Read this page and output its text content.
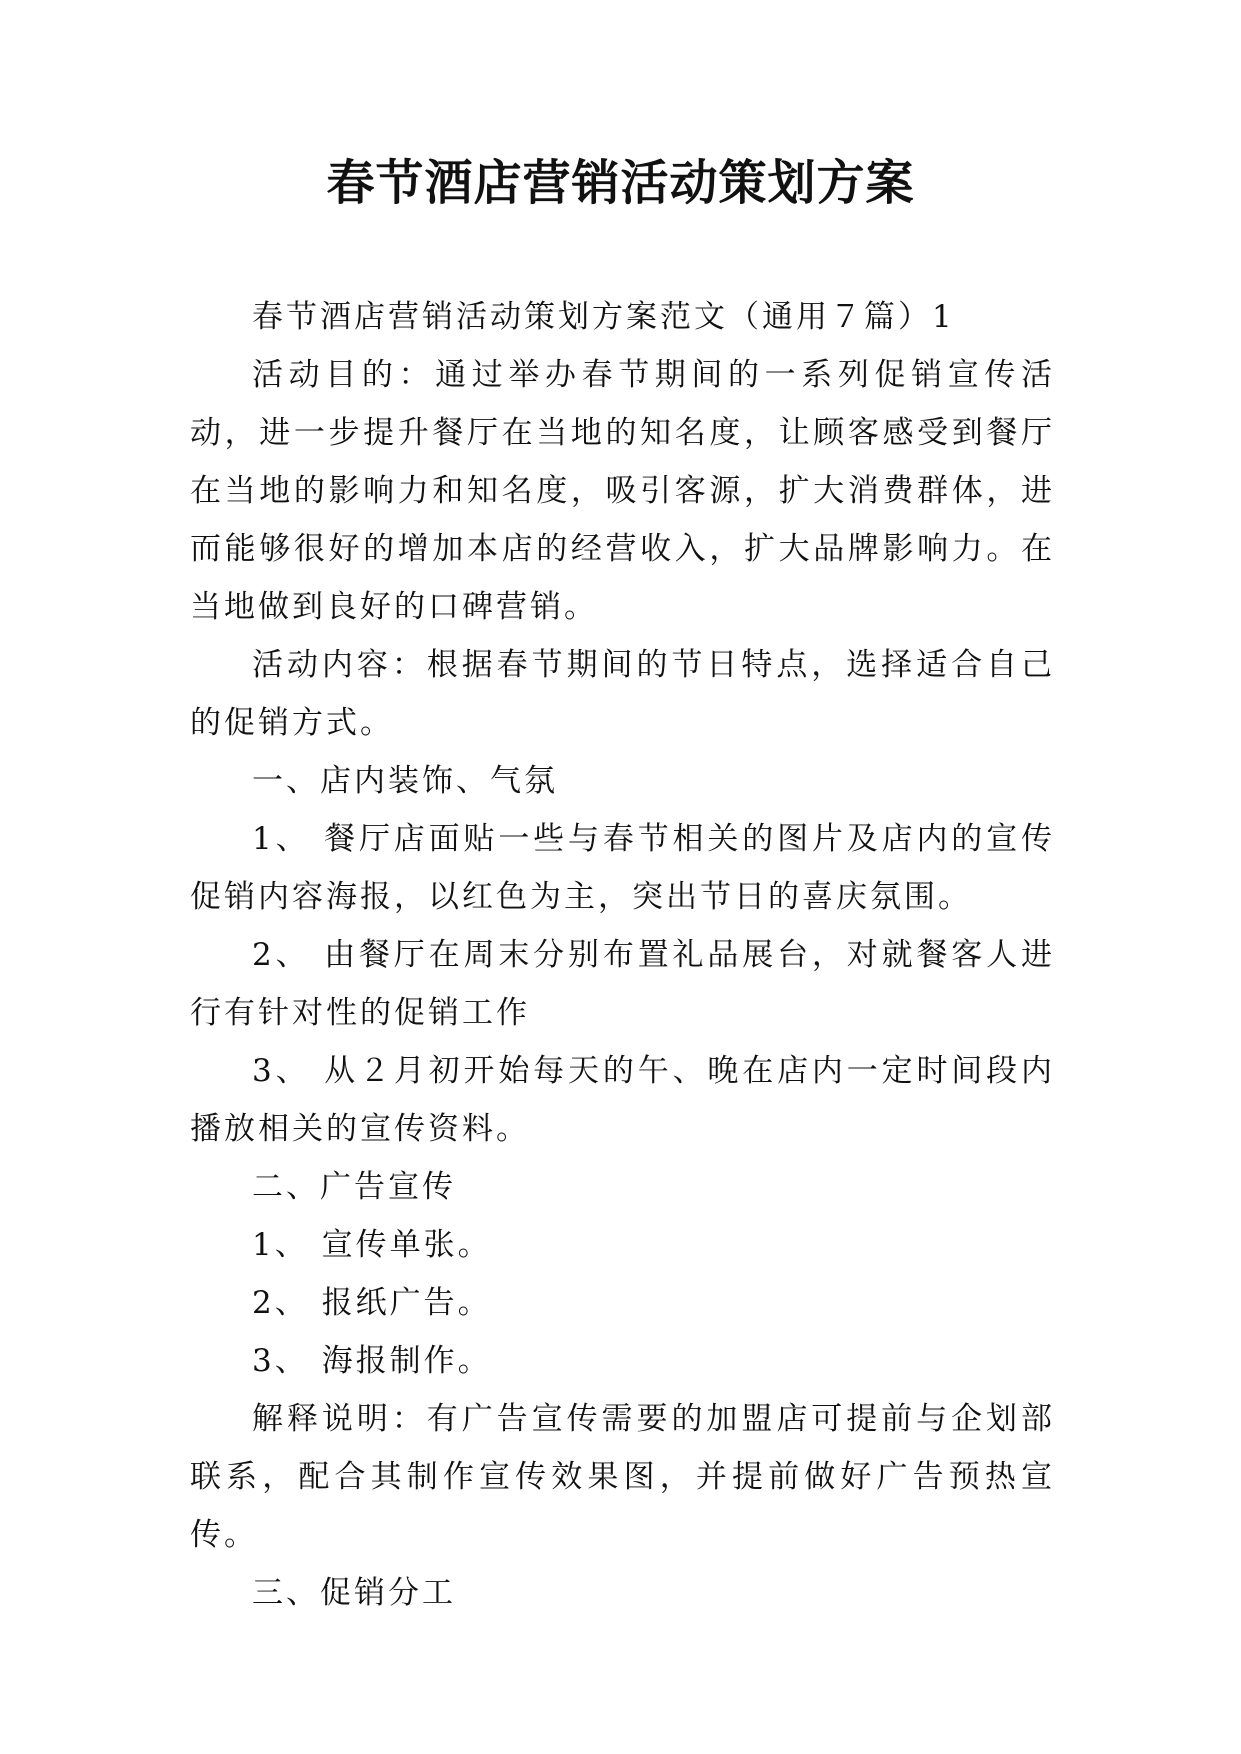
春节酒店营销活动策划方案

春节酒店营销活动策划方案范文（通用７篇）1

活动目的：通过举办春节期间的一系列促销宣传活动，进一步提升餐厅在当地的知名度，让顾客感受到餐厅在当地的影响力和知名度，吸引客源，扩大消费群体，进而能够很好的增加本店的经营收入，扩大品牌影响力。在当地做到良好的口碑营销。

活动内容：根据春节期间的节日特点，选择适合自己的促销方式。

一、店内装饰、气氛

1、 餐厅店面贴一些与春节相关的图片及店内的宣传促销内容海报，以红色为主，突出节日的喜庆氛围。

2、 由餐厅在周末分别布置礼品展台，对就餐客人进行有针对性的促销工作

3、 从２月初开始每天的午、晚在店内一定时间段内播放相关的宣传资料。

二、广告宣传

1、 宣传单张。

2、 报纸广告。

3、 海报制作。

解释说明：有广告宣传需要的加盟店可提前与企划部联系，配合其制作宣传效果图，并提前做好广告预热宣传。

三、促销分工
